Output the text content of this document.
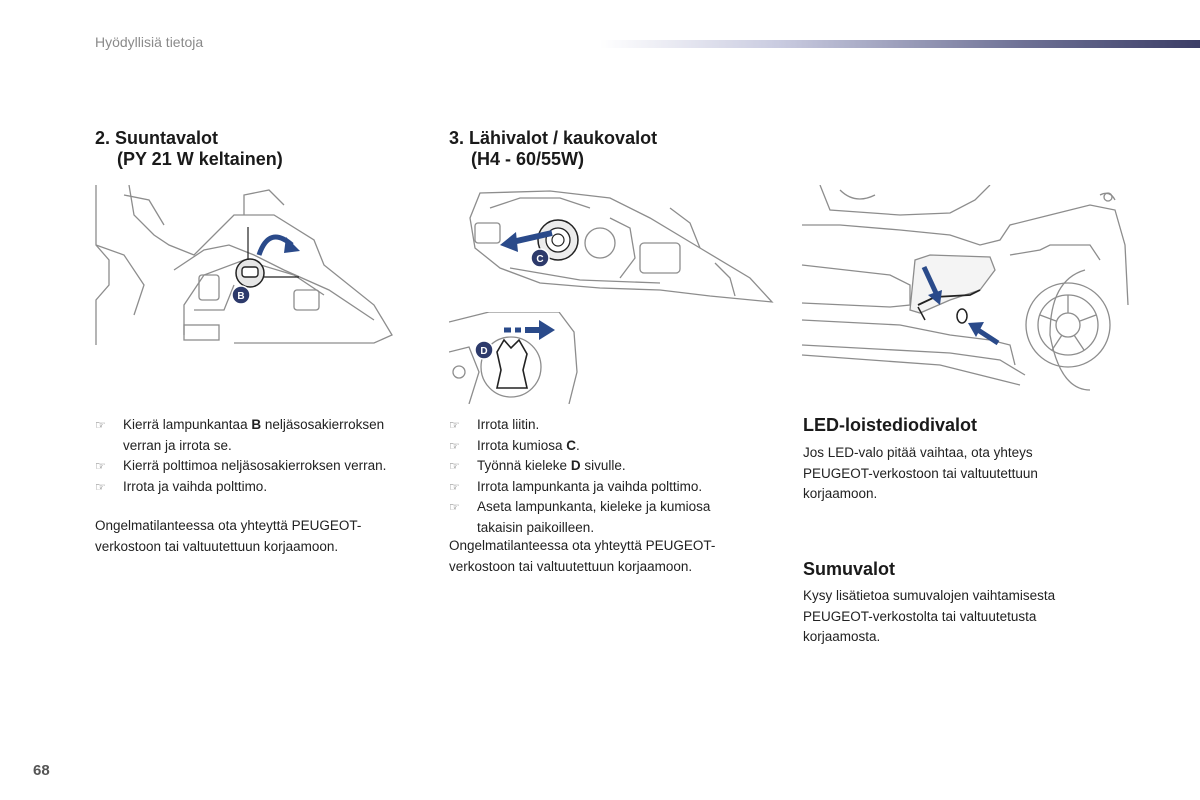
Hyödyllisiä tietoja
2. Suuntavalot
(PY 21 W keltainen)
B
☞	Kierrä lampunkantaa B neljäsosakierroksen verran ja irrota se.
☞	Kierrä polttimoa neljäsosakierroksen verran.
☞	Irrota ja vaihda polttimo.

Ongelmatilanteessa ota yhteyttä PEUGEOT-verkostoon tai valtuutettuun korjaamoon.

3. Lähivalot / kaukovalot
(H4 - 60/55W)
C
D
☞	Irrota liitin.
☞	Irrota kumiosa C.
☞	Työnnä kieleke D sivulle.
☞	Irrota lampunkanta ja vaihda polttimo.
☞	Aseta lampunkanta, kieleke ja kumiosa takaisin paikoilleen.

Ongelmatilanteessa ota yhteyttä PEUGEOT-verkostoon tai valtuutettuun korjaamoon.

LED-loistediodivalot

Jos LED-valo pitää vaihtaa, ota yhteys PEUGEOT-verkostoon tai valtuutettuun korjaamoon.

Sumuvalot

Kysy lisätietoa sumuvalojen vaihtamisesta PEUGEOT-verkostolta tai valtuutetusta korjaamosta.

68
